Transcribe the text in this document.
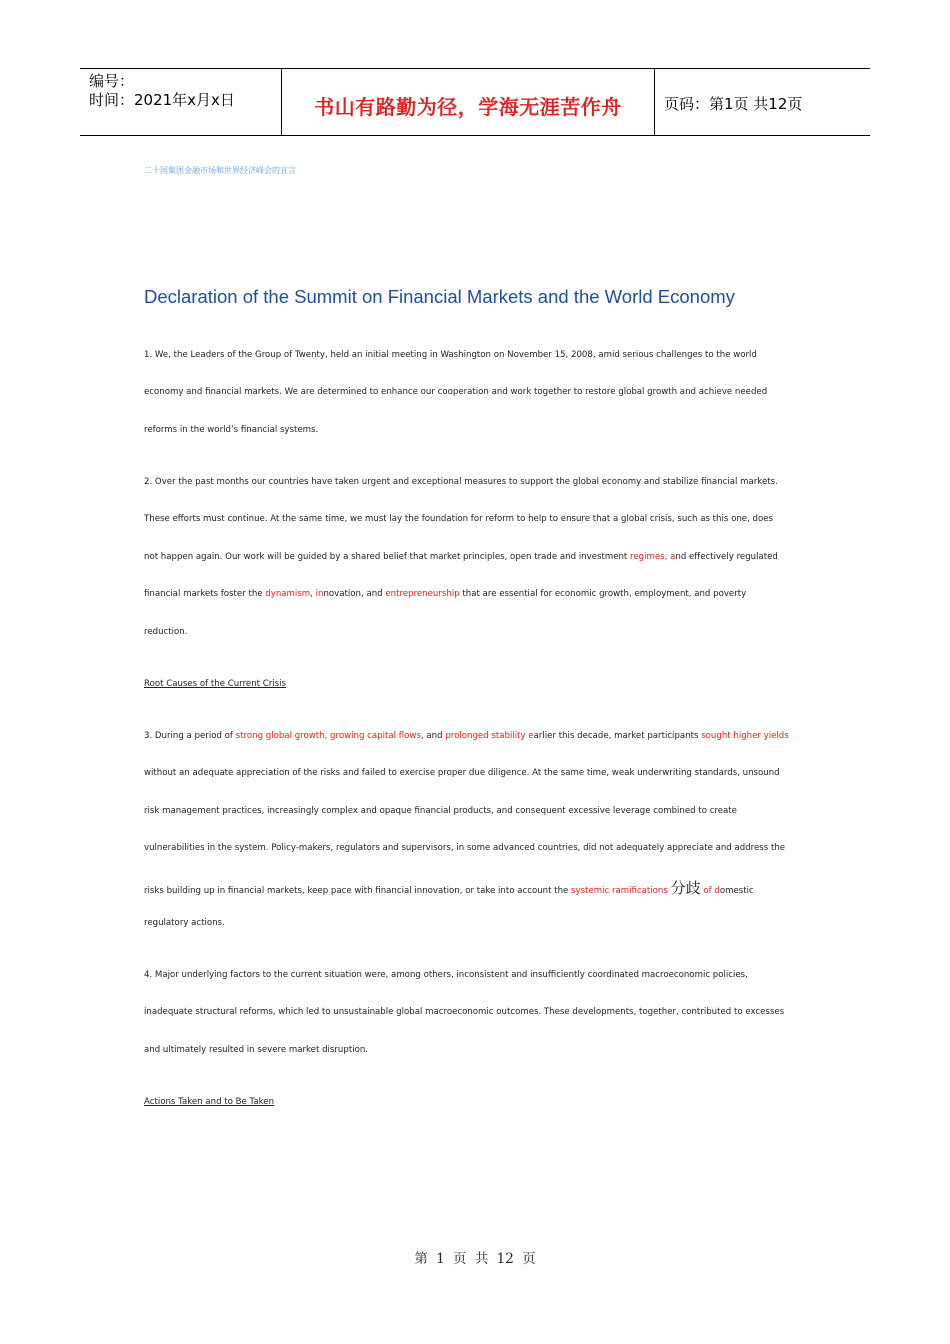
编号：
时间：2021年x月x日	书山有路勤为径，学海无涯苦作舟	页码：第1页 共12页
二十国集团金融市场和世界经济峰会的宣言
Declaration of the Summit on Financial Markets and the World Economy
1. We, the Leaders of the Group of Twenty, held an initial meeting in Washington on November 15, 2008, amid serious challenges to the world
economy and financial markets. We are determined to enhance our cooperation and work together to restore global growth and achieve needed
reforms in the world’s financial systems.
2. Over the past months our countries have taken urgent and exceptional measures to support the global economy and stabilize financial markets.
These efforts must continue. At the same time, we must lay the foundation for reform to help to ensure that a global crisis, such as this one, does
not happen again. Our work will be guided by a shared belief that market principles, open trade and investment regimes, and effectively regulated
financial markets foster the dynamism, innovation, and entrepreneurship that are essential for economic growth, employment, and poverty
reduction.
Root Causes of the Current Crisis
3. During a period of strong global growth, growing capital flows, and prolonged stability earlier this decade, market participants sought higher yields
without an adequate appreciation of the risks and failed to exercise proper due diligence. At the same time, weak underwriting standards, unsound
risk management practices, increasingly complex and opaque financial products, and consequent excessive leverage combined to create
vulnerabilities in the system. Policy-makers, regulators and supervisors, in some advanced countries, did not adequately appreciate and address the
risks building up in financial markets, keep pace with financial innovation, or take into account the systemic ramifications 分歧 of domestic
regulatory actions.
4. Major underlying factors to the current situation were, among others, inconsistent and insufficiently coordinated macroeconomic policies,
inadequate structural reforms, which led to unsustainable global macroeconomic outcomes. These developments, together, contributed to excesses
and ultimately resulted in severe market disruption.
Actions Taken and to Be Taken
第 1 页 共 12 页
